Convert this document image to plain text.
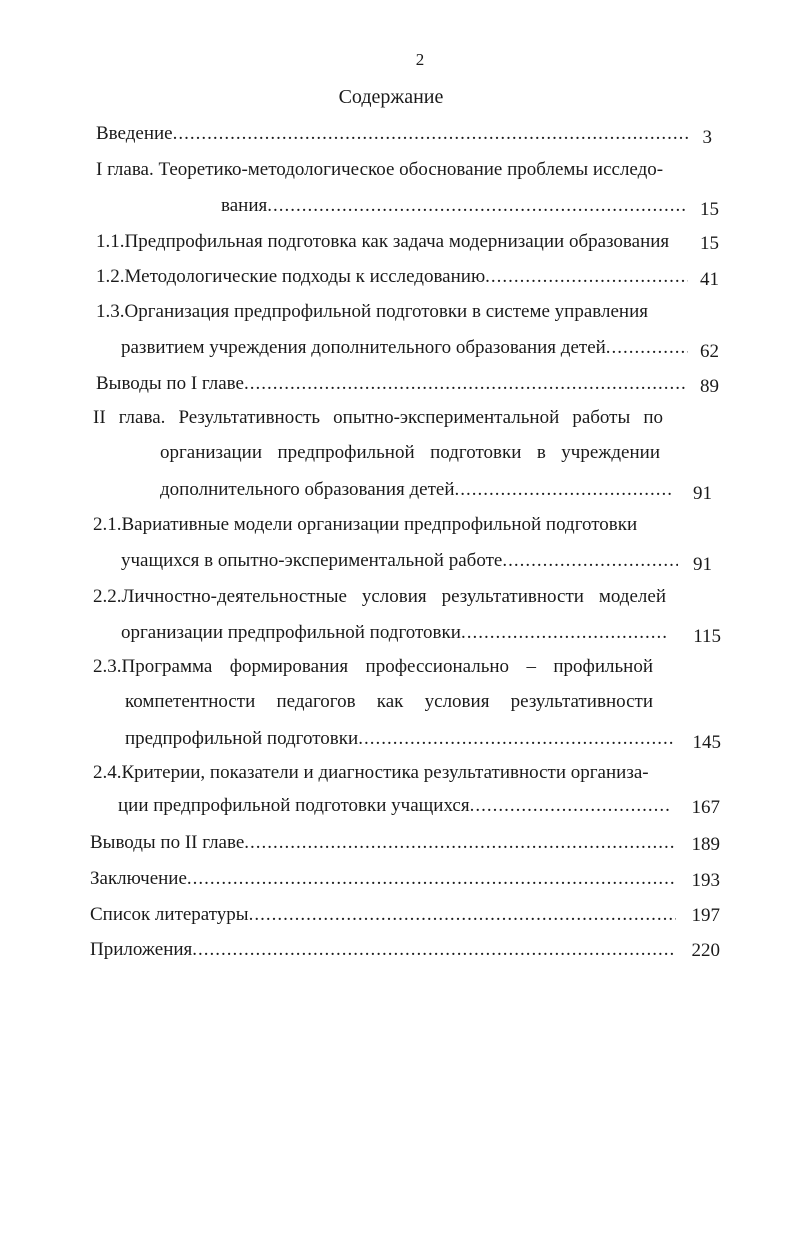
2
Содержание
Введение .....	3
I глава. Теоретико-методологическое обоснование проблемы исследо-
вания .....	15
1.1.Предпрофильная подготовка как задача модернизации образования	15
1.2.Методологические подходы к исследованию .....	41
1.3.Организация предпрофильной подготовки в системе управления
развитием учреждения дополнительного образования детей .....	62
Выводы по I главе .....	89
II глава. Результативность опытно-экспериментальной работы по
организации предпрофильной подготовки в учреждении
дополнительного образования детей .....	91
2.1.Вариативные модели организации предпрофильной подготовки
учащихся в опытно-экспериментальной работе .....	91
2.2.Личностно-деятельностные условия результативности моделей
организации предпрофильной подготовки .....	115
2.3.Программа формирования профессионально – профильной
компетентности педагогов как условия результативности
предпрофильной подготовки .....	145
2.4.Критерии, показатели и диагностика результативности организа-
ции предпрофильной подготовки учащихся .....	167
Выводы по II главе .....	189
Заключение .....	193
Список литературы .....	197
Приложения .....	220
